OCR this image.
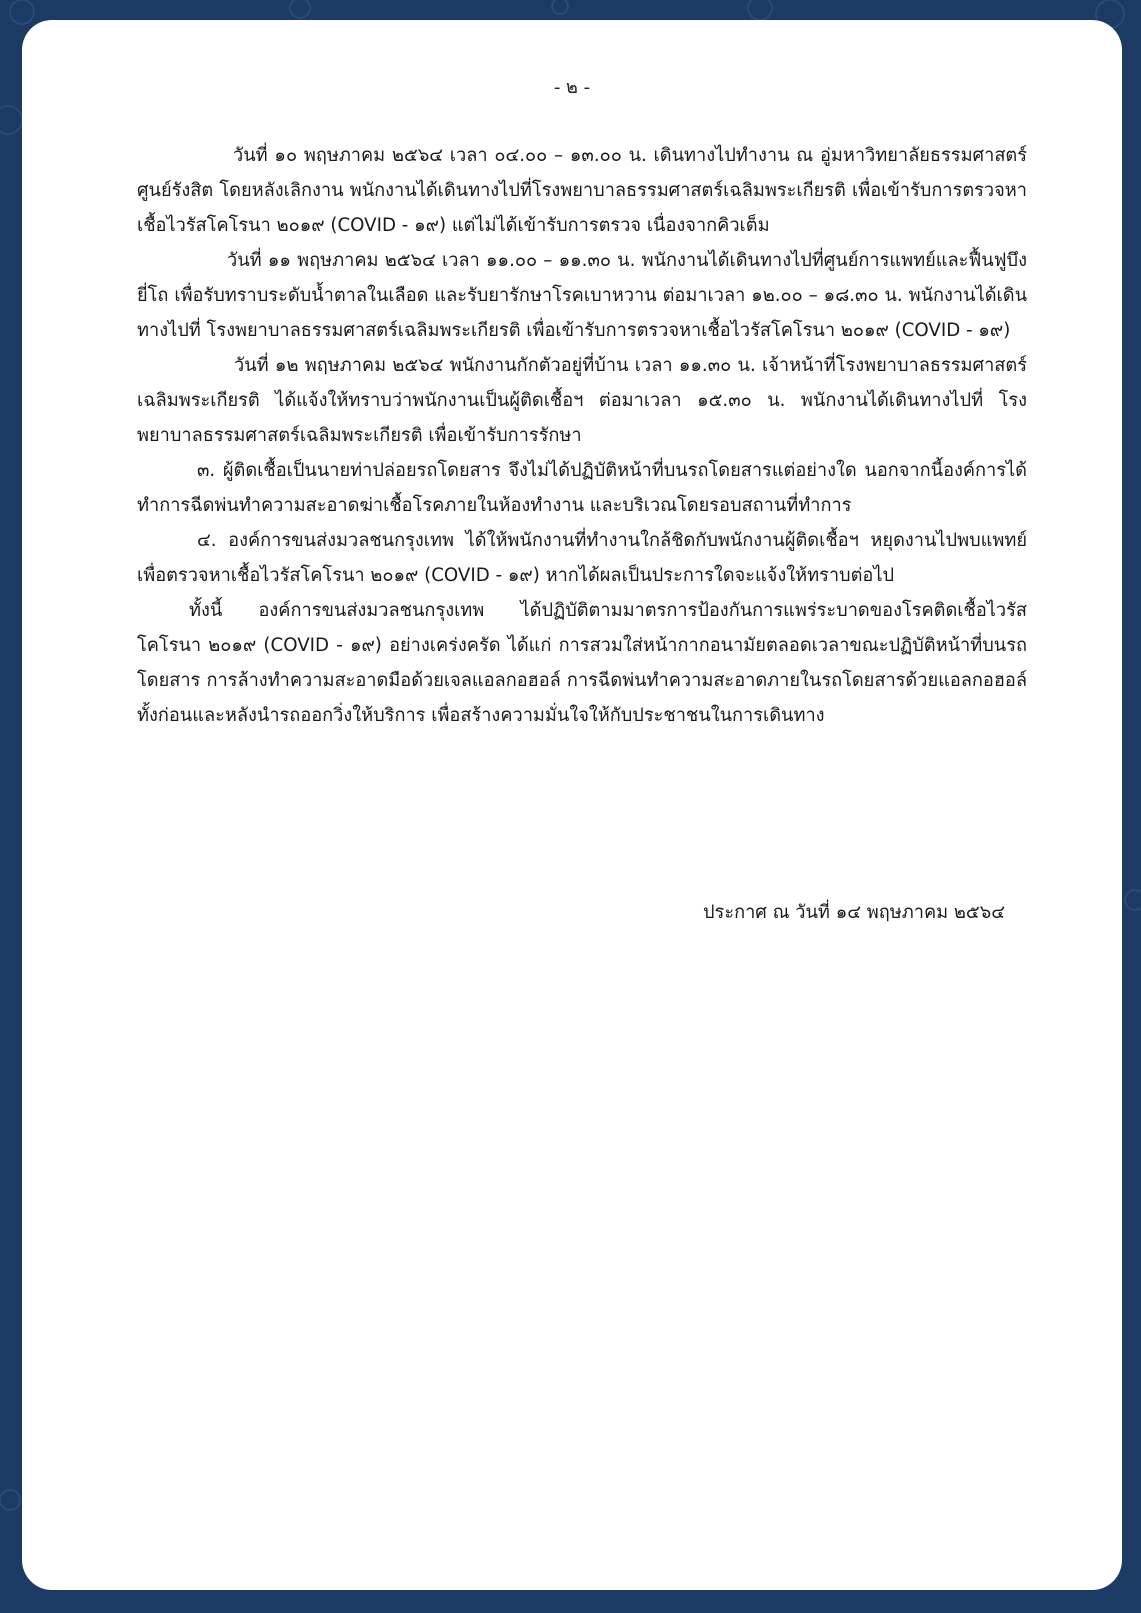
- ๒ -

วันที่ ๑๐ พฤษภาคม ๒๕๖๔ เวลา ๐๔.๐๐ – ๑๓.๐๐ น. เดินทางไปทำงาน ณ อู่มหาวิทยาลัยธรรมศาสตร์ ศูนย์รังสิต โดยหลังเลิกงาน พนักงานได้เดินทางไปที่โรงพยาบาลธรรมศาสตร์เฉลิมพระเกียรติ เพื่อเข้ารับการตรวจหาเชื้อไวรัสโคโรนา ๒๐๑๙ (COVID - ๑๙) แต่ไม่ได้เข้ารับการตรวจ เนื่องจากคิวเต็ม

วันที่ ๑๑ พฤษภาคม ๒๕๖๔ เวลา ๑๑.๐๐ – ๑๑.๓๐ น. พนักงานได้เดินทางไปที่ศูนย์การแพทย์และฟื้นฟูบึงยี่โถ เพื่อรับทราบระดับน้ำตาลในเลือด และรับยารักษาโรคเบาหวาน ต่อมาเวลา ๑๒.๐๐ – ๑๘.๓๐ น. พนักงานได้เดินทางไปที่ โรงพยาบาลธรรมศาสตร์เฉลิมพระเกียรติ เพื่อเข้ารับการตรวจหาเชื้อไวรัสโคโรนา ๒๐๑๙ (COVID - ๑๙)

วันที่ ๑๒ พฤษภาคม ๒๕๖๔ พนักงานกักตัวอยู่ที่บ้าน เวลา ๑๑.๓๐ น. เจ้าหน้าที่โรงพยาบาลธรรมศาสตร์เฉลิมพระเกียรติ ได้แจ้งให้ทราบว่าพนักงานเป็นผู้ติดเชื้อฯ ต่อมาเวลา ๑๕.๓๐ น. พนักงานได้เดินทางไปที่ โรงพยาบาลธรรมศาสตร์เฉลิมพระเกียรติ เพื่อเข้ารับการรักษา

๓. ผู้ติดเชื้อเป็นนายท่าปล่อยรถโดยสาร จึงไม่ได้ปฏิบัติหน้าที่บนรถโดยสารแต่อย่างใด นอกจากนี้องค์การได้ทำการฉีดพ่นทำความสะอาดฆ่าเชื้อโรคภายในห้องทำงาน และบริเวณโดยรอบสถานที่ทำการ

๔. องค์การขนส่งมวลชนกรุงเทพ ได้ให้พนักงานที่ทำงานใกล้ชิดกับพนักงานผู้ติดเชื้อฯ หยุดงานไปพบแพทย์ เพื่อตรวจหาเชื้อไวรัสโคโรนา ๒๐๑๙ (COVID - ๑๙) หากได้ผลเป็นประการใดจะแจ้งให้ทราบต่อไป

ทั้งนี้ องค์การขนส่งมวลชนกรุงเทพ ได้ปฏิบัติตามมาตรการป้องกันการแพร่ระบาดของโรคติดเชื้อไวรัสโคโรนา ๒๐๑๙ (COVID - ๑๙) อย่างเคร่งครัด ได้แก่ การสวมใส่หน้ากากอนามัยตลอดเวลาขณะปฏิบัติหน้าที่บนรถโดยสาร การล้างทำความสะอาดมือด้วยเจลแอลกอฮอล์ การฉีดพ่นทำความสะอาดภายในรถโดยสารด้วยแอลกอฮอล์ ทั้งก่อนและหลังนำรถออกวิ่งให้บริการ เพื่อสร้างความมั่นใจให้กับประชาชนในการเดินทาง

ประกาศ ณ วันที่ ๑๔ พฤษภาคม ๒๕๖๔
